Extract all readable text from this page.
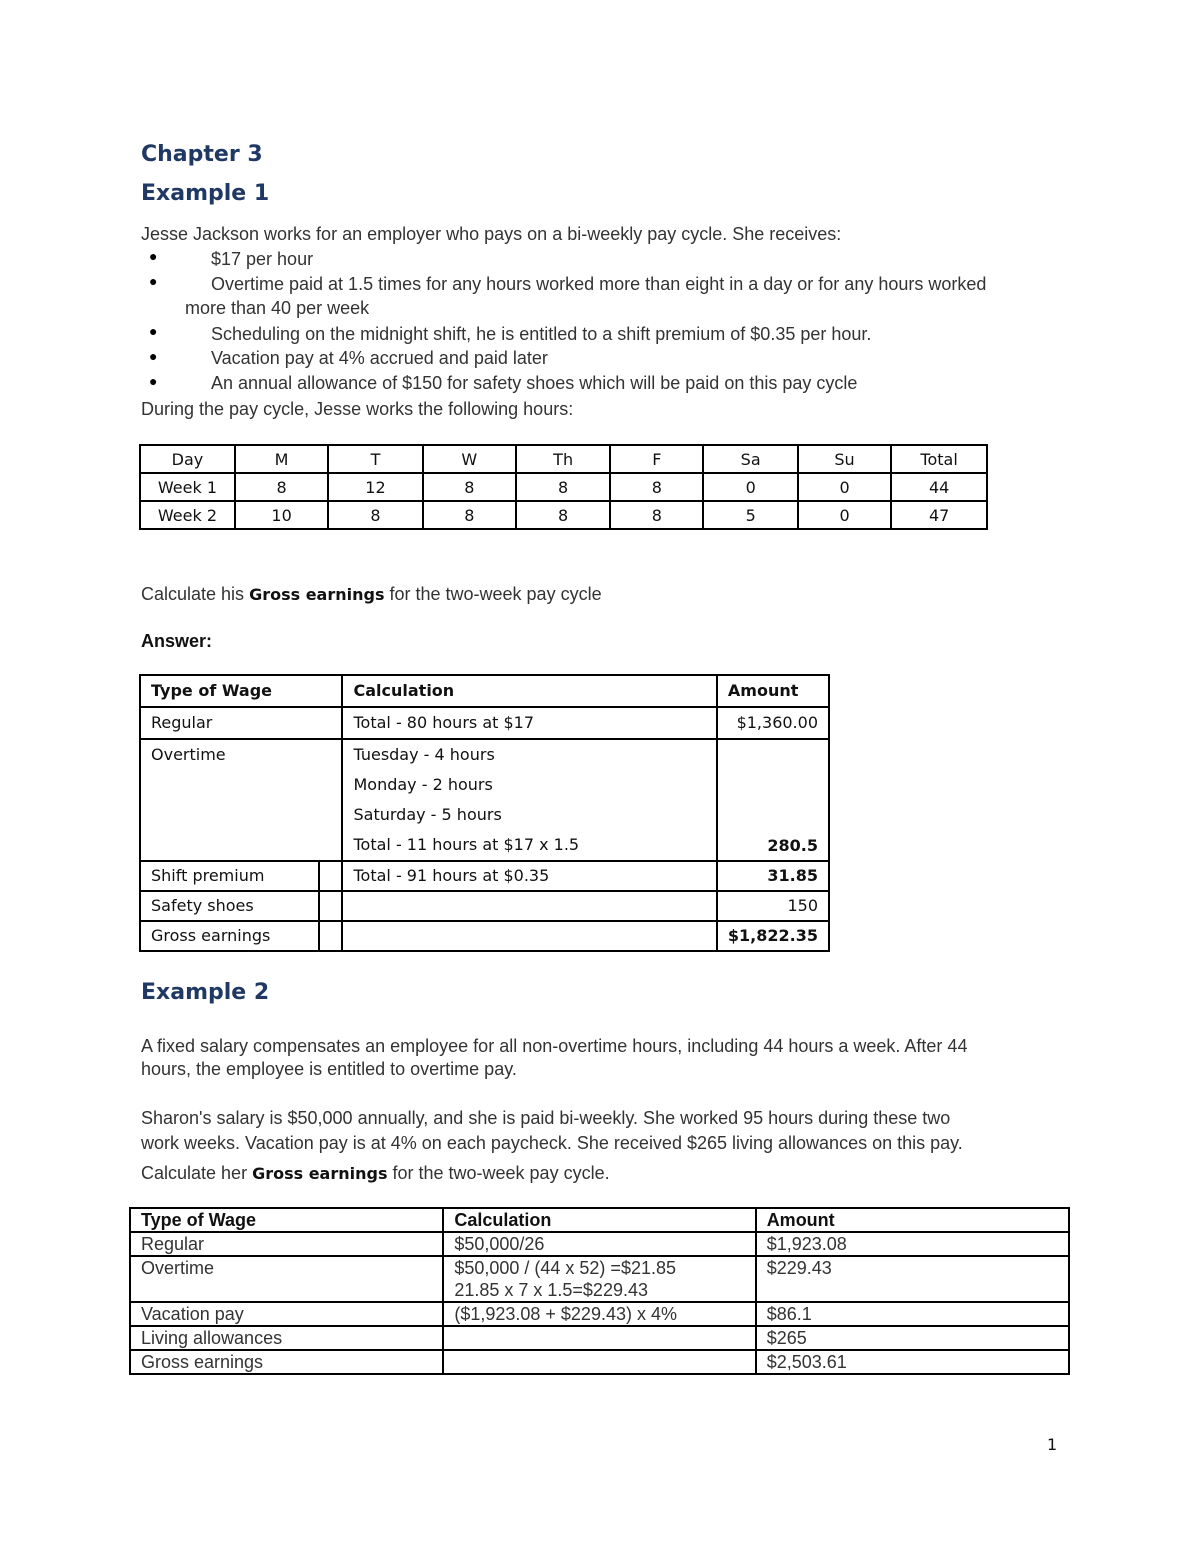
Chapter 3
Example 1
Jesse Jackson works for an employer who pays on a bi-weekly pay cycle. She receives:
●	$17 per hour
●	Overtime paid at 1.5 times for any hours worked more than eight in a day or for any hours worked
more than 40 per week
●	Scheduling on the midnight shift, he is entitled to a shift premium of $0.35 per hour.
●	Vacation pay at 4% accrued and paid later
●	An annual allowance of $150 for safety shoes which will be paid on this pay cycle
During the pay cycle, Jesse works the following hours:
Day	M	T	W	Th	F	Sa	Su	Total
Week 1	8	12	8	8	8	0	0	44
Week 2	10	8	8	8	8	5	0	47
Calculate his Gross earnings for the two-week pay cycle
Answer:
Type of Wage		Calculation	Amount
Regular		Total - 80 hours at $17	$1,360.00
Overtime		Tuesday - 4 hours
Monday - 2 hours
Saturday - 5 hours
Total - 11 hours at $17 x 1.5	280.5
Shift premium		Total - 91 hours at $0.35	31.85
Safety shoes			150
Gross earnings			$1,822.35
Example 2
A fixed salary compensates an employee for all non-overtime hours, including 44 hours a week. After 44
hours, the employee is entitled to overtime pay.
Sharon's salary is $50,000 annually, and she is paid bi-weekly. She worked 95 hours during these two
work weeks. Vacation pay is at 4% on each paycheck. She received $265 living allowances on this pay.
Calculate her Gross earnings for the two-week pay cycle.
Type of Wage	Calculation	Amount
Regular	$50,000/26	$1,923.08
Overtime	$50,000 / (44 x 52) =$21.85
21.85 x 7 x 1.5=$229.43	$229.43
Vacation pay	($1,923.08 + $229.43) x 4%	$86.1
Living allowances		$265
Gross earnings		$2,503.61
1
